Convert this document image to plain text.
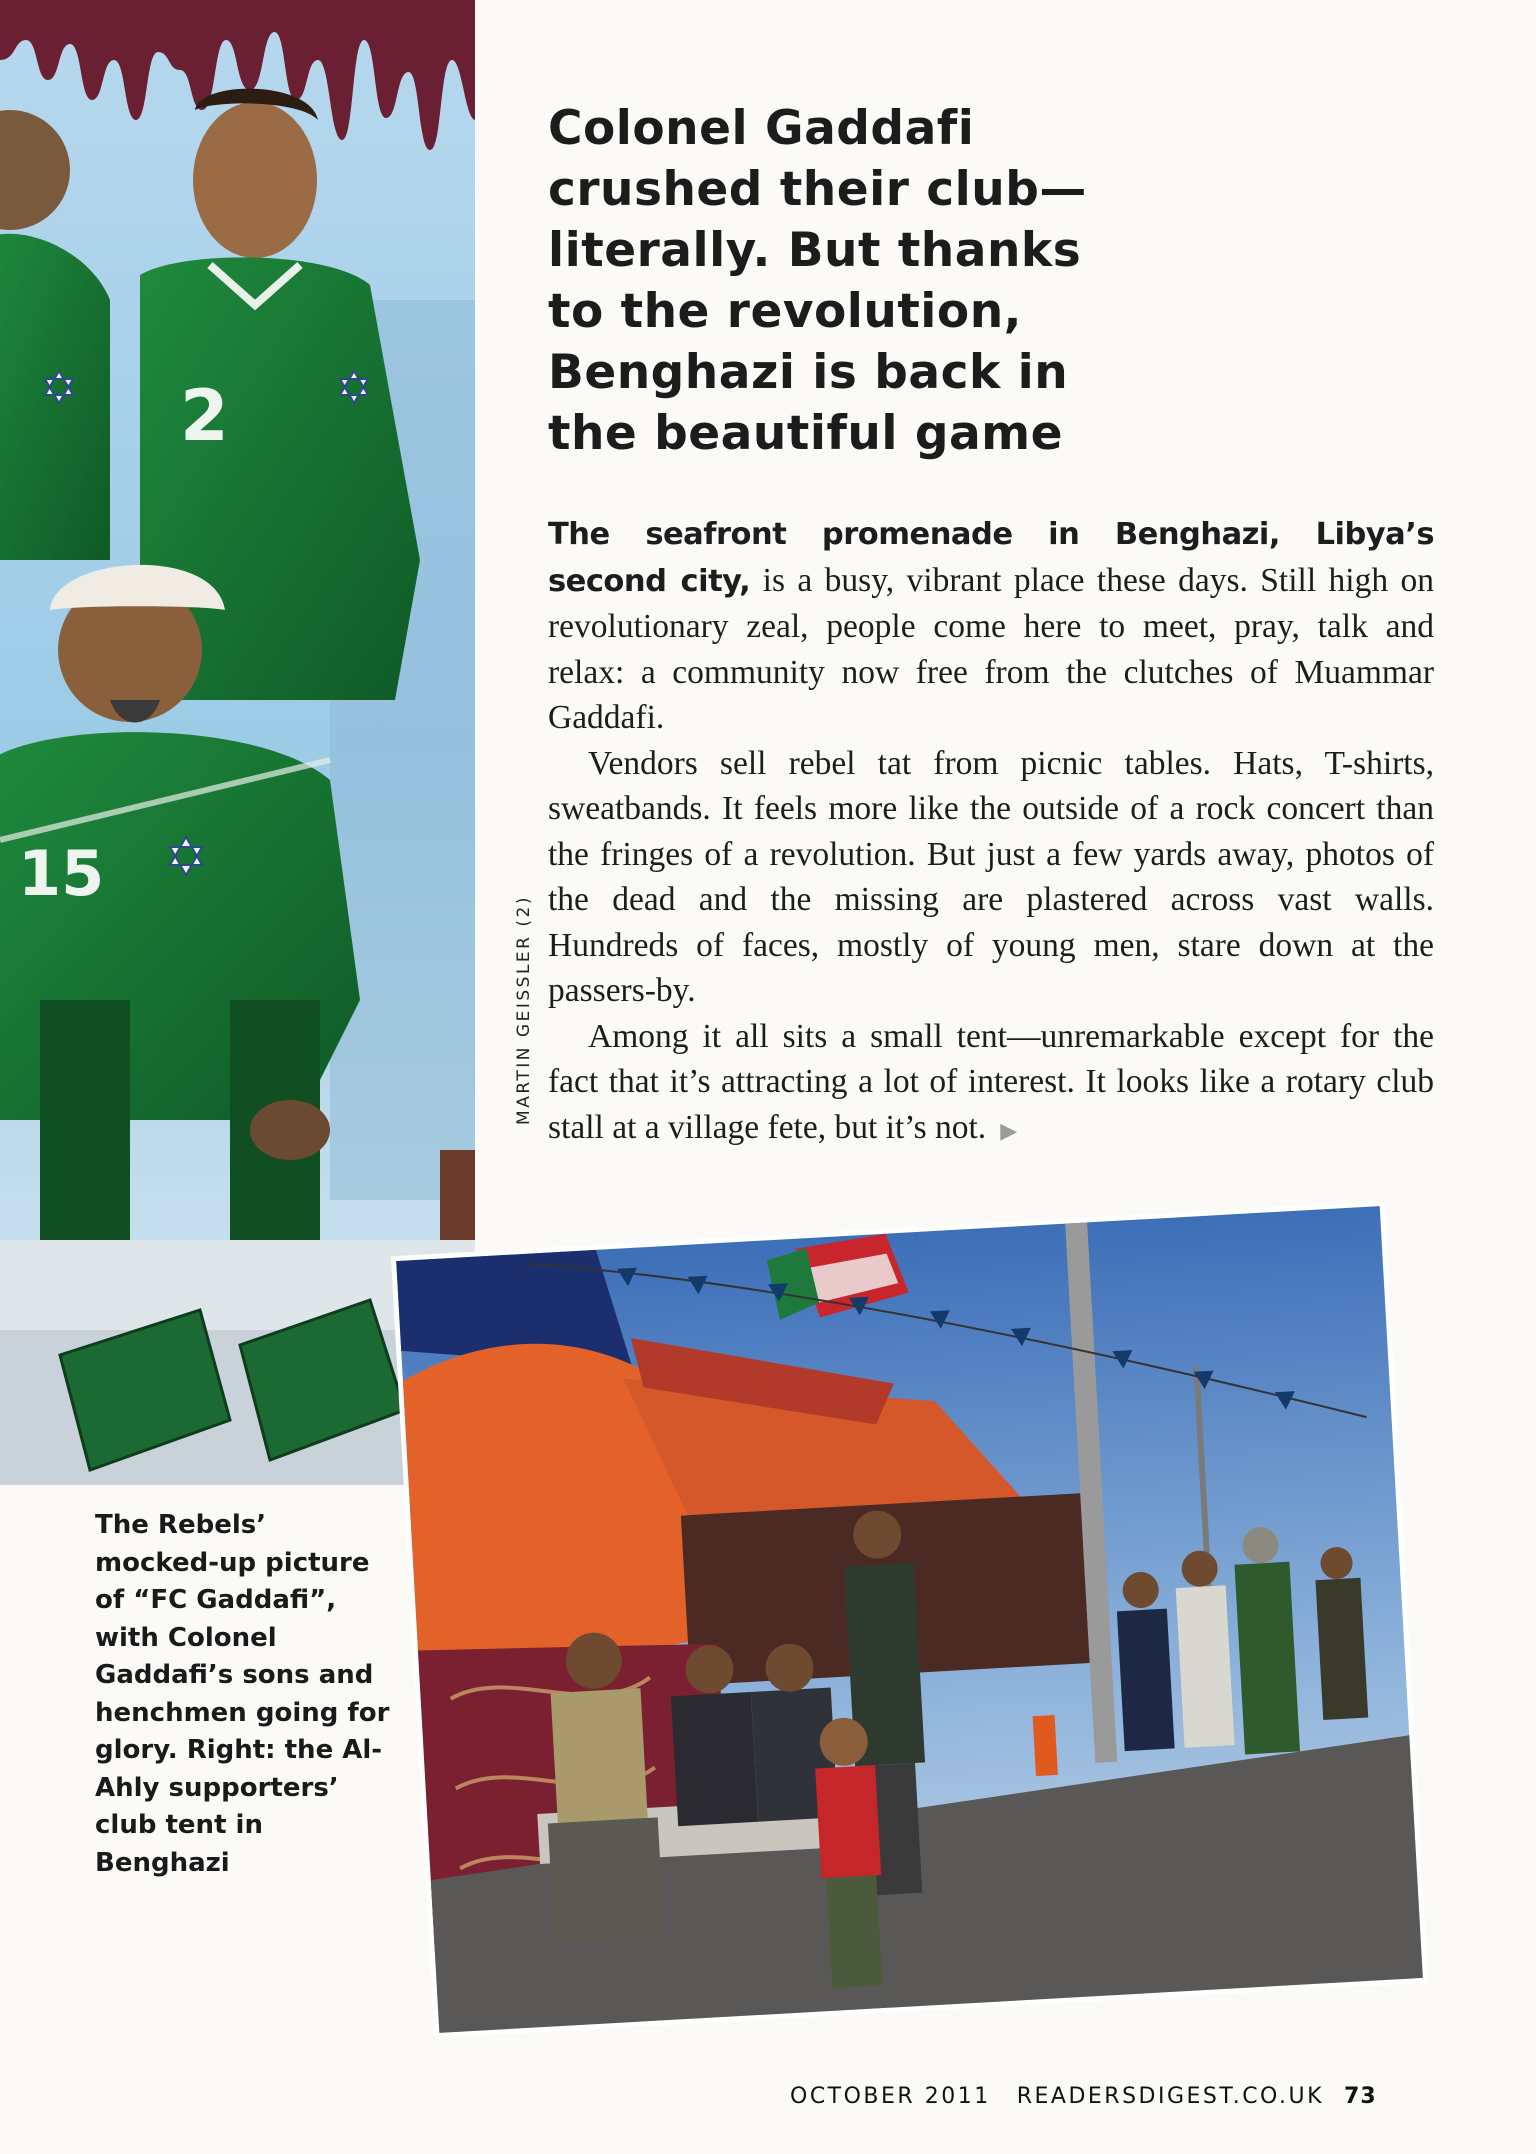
2
15
Colonel Gaddafi crushed their club—literally. But thanks to the revolution, Benghazi is back in the beautiful game
MARTIN GEISSLER (2)

The seafront promenade in Benghazi, Libya’s second city, is a busy, vibrant place these days. Still high on revolutionary zeal, people come here to meet, pray, talk and relax: a community now free from the clutches of Muammar Gaddafi.

Vendors sell rebel tat from picnic tables. Hats, T-shirts, sweatbands. It feels more like the outside of a rock concert than the fringes of a revolution. But just a few yards away, photos of the dead and the missing are plastered across vast walls. Hundreds of faces, mostly of young men, stare down at the passers-by.

Among it all sits a small tent—unremarkable except for the fact that it’s attracting a lot of interest. It looks like a rotary club stall at a village fete, but it’s not. ▶

The Rebels’ mocked-up picture of “FC Gaddafi”, with Colonel Gaddafi’s sons and henchmen going for glory. Right: the Al-Ahly supporters’ club tent in Benghazi

OCTOBER 2011 READERSDIGEST.CO.UK 73
